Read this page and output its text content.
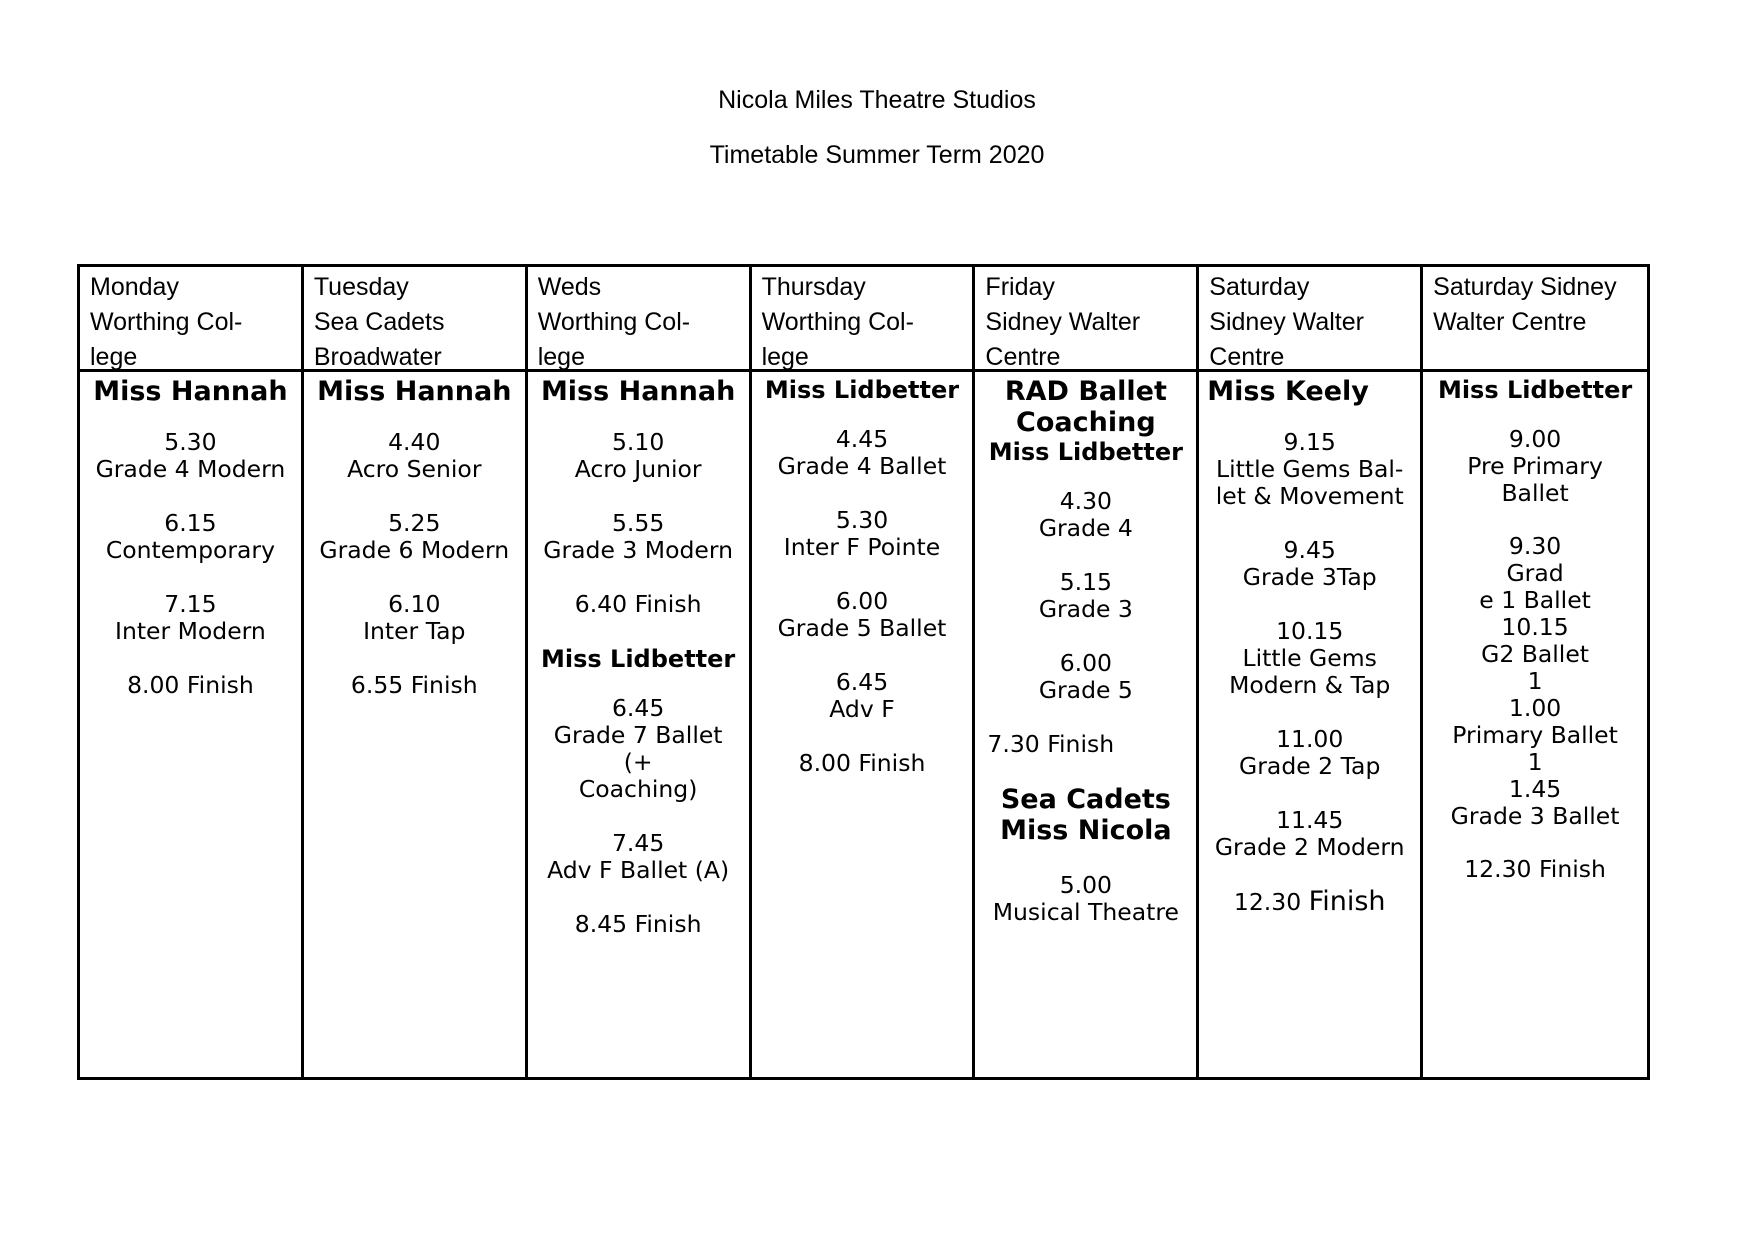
Nicola Miles Theatre Studios
Timetable Summer Term 2020
Monday
Worthing Col-
lege
Miss Hannah
5.30
Grade 4 Modern
6.15
Contemporary
7.15
Inter Modern
8.00 Finish
Tuesday
Sea Cadets
Broadwater
Miss Hannah
4.40
Acro Senior
5.25
Grade 6 Modern
6.10
Inter Tap
6.55 Finish
Weds
Worthing Col-
lege
Miss Hannah
5.10
Acro Junior
5.55
Grade 3 Modern
6.40 Finish
Miss Lidbetter
6.45
Grade 7 Ballet (+
Coaching)
7.45
Adv F Ballet (A)
8.45 Finish
Thursday
Worthing Col-
lege
Miss Lidbetter
4.45
Grade 4 Ballet
5.30
Inter F Pointe
6.00
Grade 5 Ballet
6.45
Adv F
8.00 Finish
Friday
Sidney Walter
Centre
RAD Ballet
Coaching
Miss Lidbetter
4.30
Grade 4
5.15
Grade 3
6.00
Grade 5
7.30 Finish
Sea Cadets
Miss Nicola
5.00
Musical Theatre
Saturday
Sidney Walter
Centre
Miss Keely
9.15
Little Gems Bal-
let & Movement
9.45
Grade 3Tap
10.15
Little Gems
Modern & Tap
11.00
Grade 2 Tap
11.45
Grade 2 Modern
12.30 Finish
Saturday Sidney
Walter Centre
Miss Lidbetter
9.00
Pre Primary
Ballet
9.30
Grad
e 1 Ballet
10.15
G2 Ballet
1
1.00
Primary Ballet
1
1.45
Grade 3 Ballet
12.30 Finish
